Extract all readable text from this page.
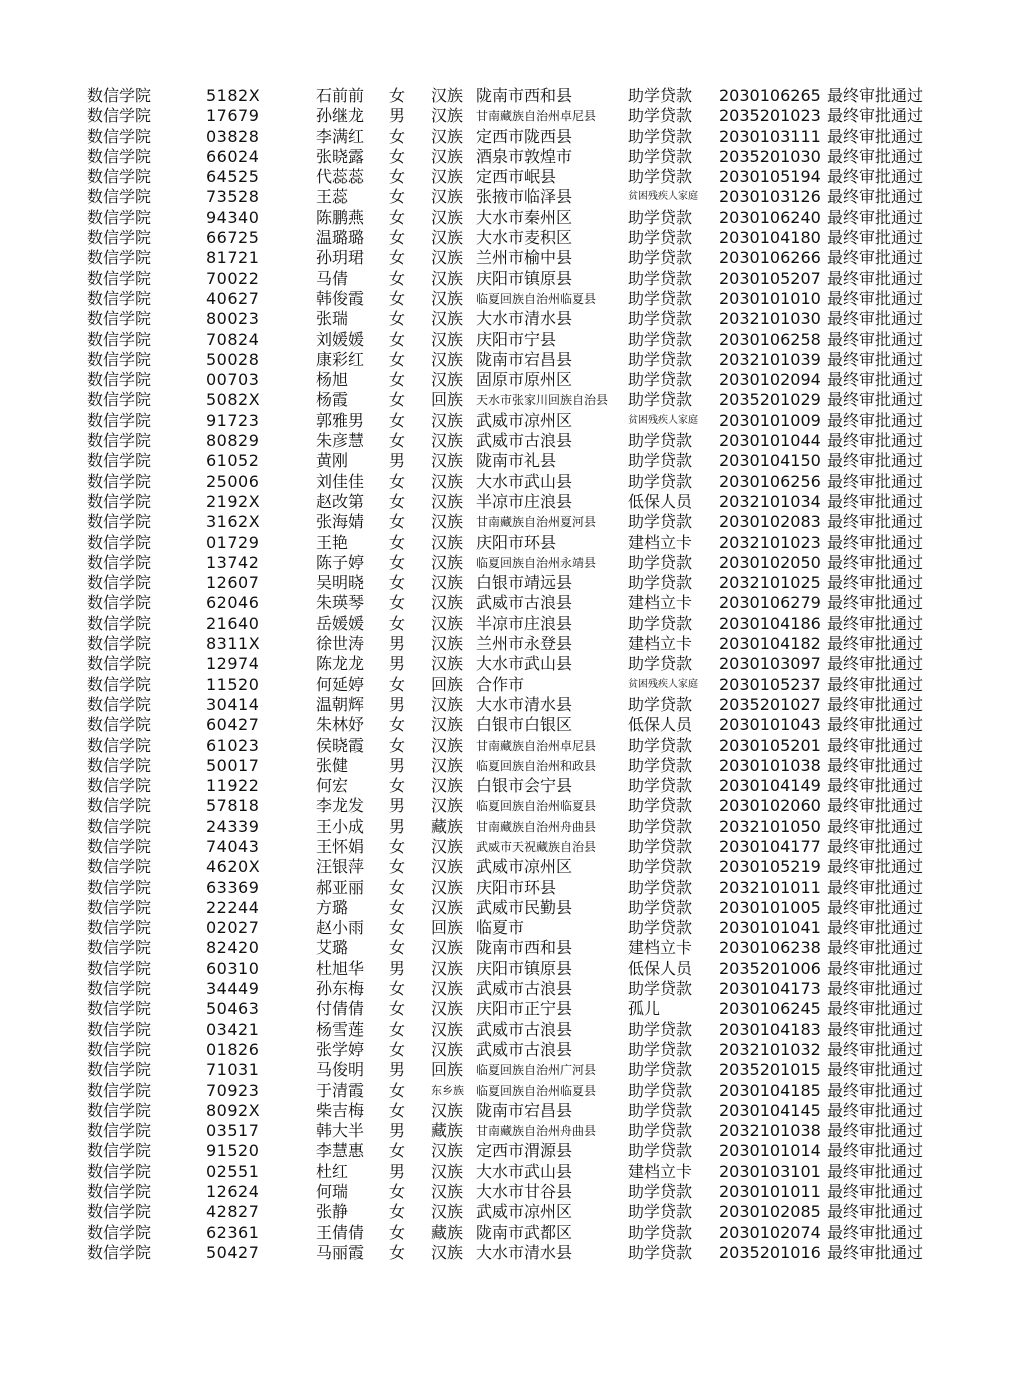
数信学院	5182X	石前前 女 汉族 陇南市西和县	助学贷款 2030106265 最终审批通过
数信学院	17679	孙继龙 男 汉族 甘南藏族自治州卓尼县 助学贷款 2035201023 最终审批通过
数信学院	03828	李满红 女 汉族 定西市陇西县	助学贷款 2030103111 最终审批通过
数信学院	66024	张晓露 女 汉族 酒泉市敦煌市	助学贷款 2035201030 最终审批通过
数信学院	64525	代蕊蕊 女 汉族 定西市岷县	助学贷款 2030105194 最终审批通过
数信学院	73528	王蕊	女 汉族 张掖市临泽县	贫困残疾人家庭 2030103126 最终审批通过
数信学院	94340	陈鹏燕 女 汉族 大水市秦州区	助学贷款 2030106240 最终审批通过
数信学院	66725	温璐璐 女 汉族 大水市麦积区	助学贷款 2030104180 最终审批通过
数信学院	81721	孙玥珺 女 汉族 兰州市榆中县	助学贷款 2030106266 最终审批通过
数信学院	70022	马倩	女 汉族 庆阳市镇原县	助学贷款 2030105207 最终审批通过
数信学院	40627	韩俊霞 女 汉族 临夏回族自治州临夏县 助学贷款 2030101010 最终审批通过
数信学院	80023	张瑞	女 汉族 大水市清水县	助学贷款 2032101030 最终审批通过
数信学院	70824	刘媛媛 女 汉族 庆阳市宁县	助学贷款 2030106258 最终审批通过
数信学院	50028	康彩红 女 汉族 陇南市宕昌县	助学贷款 2032101039 最终审批通过
数信学院	00703	杨旭	女 汉族 固原市原州区	助学贷款 2030102094 最终审批通过
数信学院	5082X	杨霞	女 回族 天水市张家川回族自治县 助学贷款 2035201029 最终审批通过
数信学院	91723	郭雅男 女 汉族 武威市凉州区	贫困残疾人家庭 2030101009 最终审批通过
数信学院	80829	朱彦慧 女 汉族 武威市古浪县	助学贷款 2030101044 最终审批通过
数信学院	61052	黄刚	男 汉族 陇南市礼县	助学贷款 2030104150 最终审批通过
数信学院	25006	刘佳佳 女 汉族 大水市武山县	助学贷款 2030106256 最终审批通过
数信学院	2192X	赵改第 女 汉族 半凉市庄浪县	低保人员 2032101034 最终审批通过
数信学院	3162X	张海婧 女 汉族 甘南藏族自治州夏河县 助学贷款 2030102083 最终审批通过
数信学院	01729	王艳	女 汉族 庆阳市环县	建档立卡 2032101023 最终审批通过
数信学院	13742	陈子婷 女 汉族 临夏回族自治州永靖县 助学贷款 2030102050 最终审批通过
数信学院	12607	吴明晓 女 汉族 白银市靖远县	助学贷款 2032101025 最终审批通过
数信学院	62046	朱瑛琴 女 汉族 武威市古浪县	建档立卡 2030106279 最终审批通过
数信学院	21640	岳媛媛 女 汉族 半凉市庄浪县	助学贷款 2030104186 最终审批通过
数信学院	8311X	徐世涛 男 汉族 兰州市永登县	建档立卡 2030104182 最终审批通过
数信学院	12974	陈龙龙 男 汉族 大水市武山县	助学贷款 2030103097 最终审批通过
数信学院	11520	何延婷 女 回族 合作市	贫困残疾人家庭 2030105237 最终审批通过
数信学院	30414	温朝辉 男 汉族 大水市清水县	助学贷款 2035201027 最终审批通过
数信学院	60427	朱林妤 女 汉族 白银市白银区	低保人员 2030101043 最终审批通过
数信学院	61023	侯晓霞 女 汉族 甘南藏族自治州卓尼县 助学贷款 2030105201 最终审批通过
数信学院	50017	张健	男 汉族 临夏回族自治州和政县 助学贷款 2030101038 最终审批通过
数信学院	11922	何宏	女 汉族 白银市会宁县	助学贷款 2030104149 最终审批通过
数信学院	57818	李龙发 男 汉族 临夏回族自治州临夏县 助学贷款 2030102060 最终审批通过
数信学院	24339	王小成 男 藏族 甘南藏族自治州舟曲县 助学贷款 2032101050 最终审批通过
数信学院	74043	王怀娟 女 汉族 武威市天祝藏族自治县 助学贷款 2030104177 最终审批通过
数信学院	4620X	汪银萍 女 汉族 武威市凉州区	助学贷款 2030105219 最终审批通过
数信学院	63369	郝亚丽 女 汉族 庆阳市环县	助学贷款 2032101011 最终审批通过
数信学院	22244	方璐	女 汉族 武威市民勤县	助学贷款 2030101005 最终审批通过
数信学院	02027	赵小雨 女 回族 临夏市	助学贷款 2030101041 最终审批通过
数信学院	82420	艾璐	女 汉族 陇南市西和县	建档立卡 2030106238 最终审批通过
数信学院	60310	杜旭华 男 汉族 庆阳市镇原县	低保人员 2035201006 最终审批通过
数信学院	34449	孙东梅 女 汉族 武威市古浪县	助学贷款 2030104173 最终审批通过
数信学院	50463	付倩倩 女 汉族 庆阳市正宁县	孤儿	2030106245 最终审批通过
数信学院	03421	杨雪莲 女 汉族 武威市古浪县	助学贷款 2030104183 最终审批通过
数信学院	01826	张学婷 女 汉族 武威市古浪县	助学贷款 2032101032 最终审批通过
数信学院	71031	马俊明 男 回族 临夏回族自治州广河县 助学贷款 2035201015 最终审批通过
数信学院	70923	于清霞 女 东乡族 临夏回族自治州临夏县 助学贷款 2030104185 最终审批通过
数信学院	8092X	柴吉梅 女 汉族 陇南市宕昌县	助学贷款 2030104145 最终审批通过
数信学院	03517	韩大半 男 藏族 甘南藏族自治州舟曲县 助学贷款 2032101038 最终审批通过
数信学院	91520	李慧惠 女 汉族 定西市渭源县	助学贷款 2030101014 最终审批通过
数信学院	02551	杜红	男 汉族 大水市武山县	建档立卡 2030103101 最终审批通过
数信学院	12624	何瑞	女 汉族 大水市甘谷县	助学贷款 2030101011 最终审批通过
数信学院	42827	张静	女 汉族 武威市凉州区	助学贷款 2030102085 最终审批通过
数信学院	62361	王倩倩 女 藏族 陇南市武都区	助学贷款 2030102074 最终审批通过
数信学院	50427	马丽霞 女 汉族 大水市清水县	助学贷款 2035201016 最终审批通过
